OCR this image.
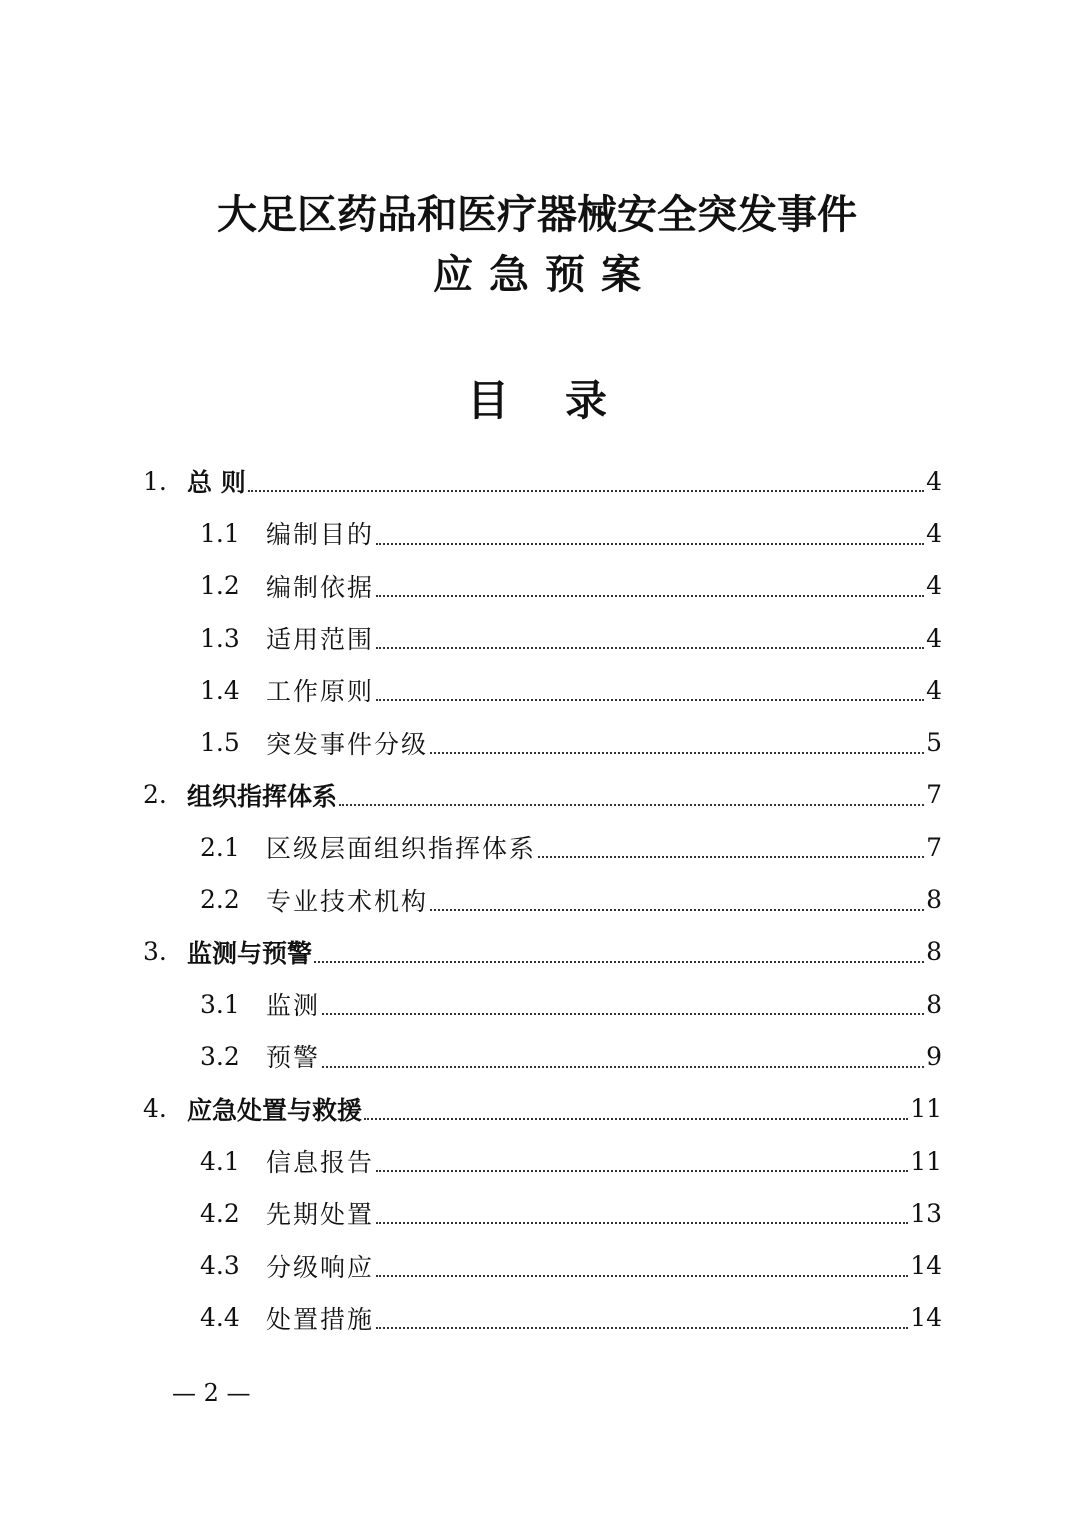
大足区药品和医疗器械安全突发事件
应急预案
目录
1. 总 则	4
1.1	编制目的	4
1.2	编制依据	4
1.3	适用范围	4
1.4	工作原则	4
1.5	突发事件分级	5
2. 组织指挥体系	7
2.1	区级层面组织指挥体系	7
2.2	专业技术机构	8
3. 监测与预警	8
3.1	监测	8
3.2	预警	9
4. 应急处置与救援	11
4.1	信息报告	11
4.2	先期处置	13
4.3	分级响应	14
4.4	处置措施	14
— 2 —
